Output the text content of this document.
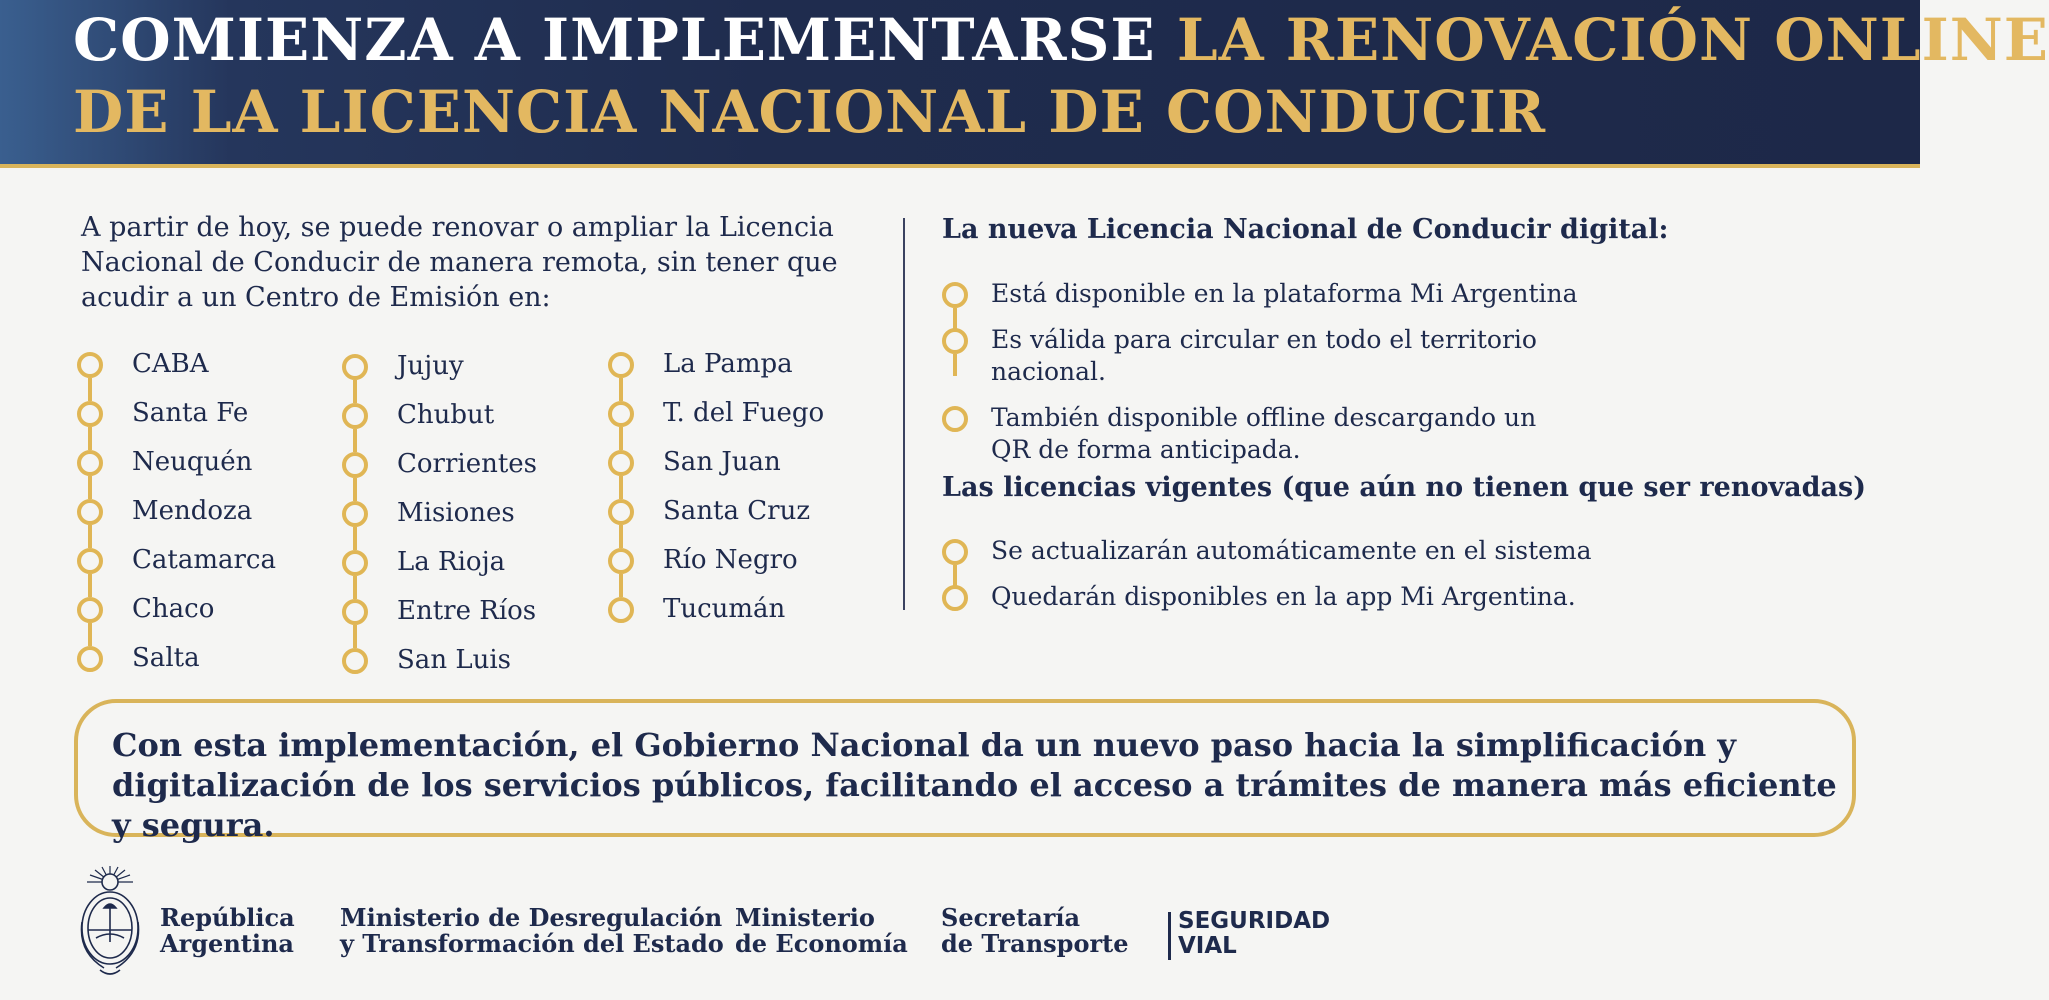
COMIENZA A IMPLEMENTARSE LA RENOVACIÓN ONLINE
DE LA LICENCIA NACIONAL DE CONDUCIR

A partir de hoy, se puede renovar o ampliar la Licencia Nacional de Conducir de manera remota, sin tener que acudir a un Centro de Emisión en:

CABA
Santa Fe
Neuquén
Mendoza
Catamarca
Chaco
Salta
Jujuy
Chubut
Corrientes
Misiones
La Rioja
Entre Ríos
San Luis
La Pampa
T. del Fuego
San Juan
Santa Cruz
Río Negro
Tucumán
La nueva Licencia Nacional de Conducir digital:
Está disponible en la plataforma Mi Argentina
Es válida para circular en todo el territorio nacional.
También disponible offline descargando un QR de forma anticipada.
Las licencias vigentes (que aún no tienen que ser renovadas)
Se actualizarán automáticamente en el sistema
Quedarán disponibles en la app Mi Argentina.

Con esta implementación, el Gobierno Nacional da un nuevo paso hacia la simplificación y digitalización de los servicios públicos, facilitando el acceso a trámites de manera más eficiente y segura.

República
Argentina

Ministerio de Desregulación
y Transformación del Estado

Ministerio
de Economía

Secretaría
de Transporte

SEGURIDAD
VIAL
